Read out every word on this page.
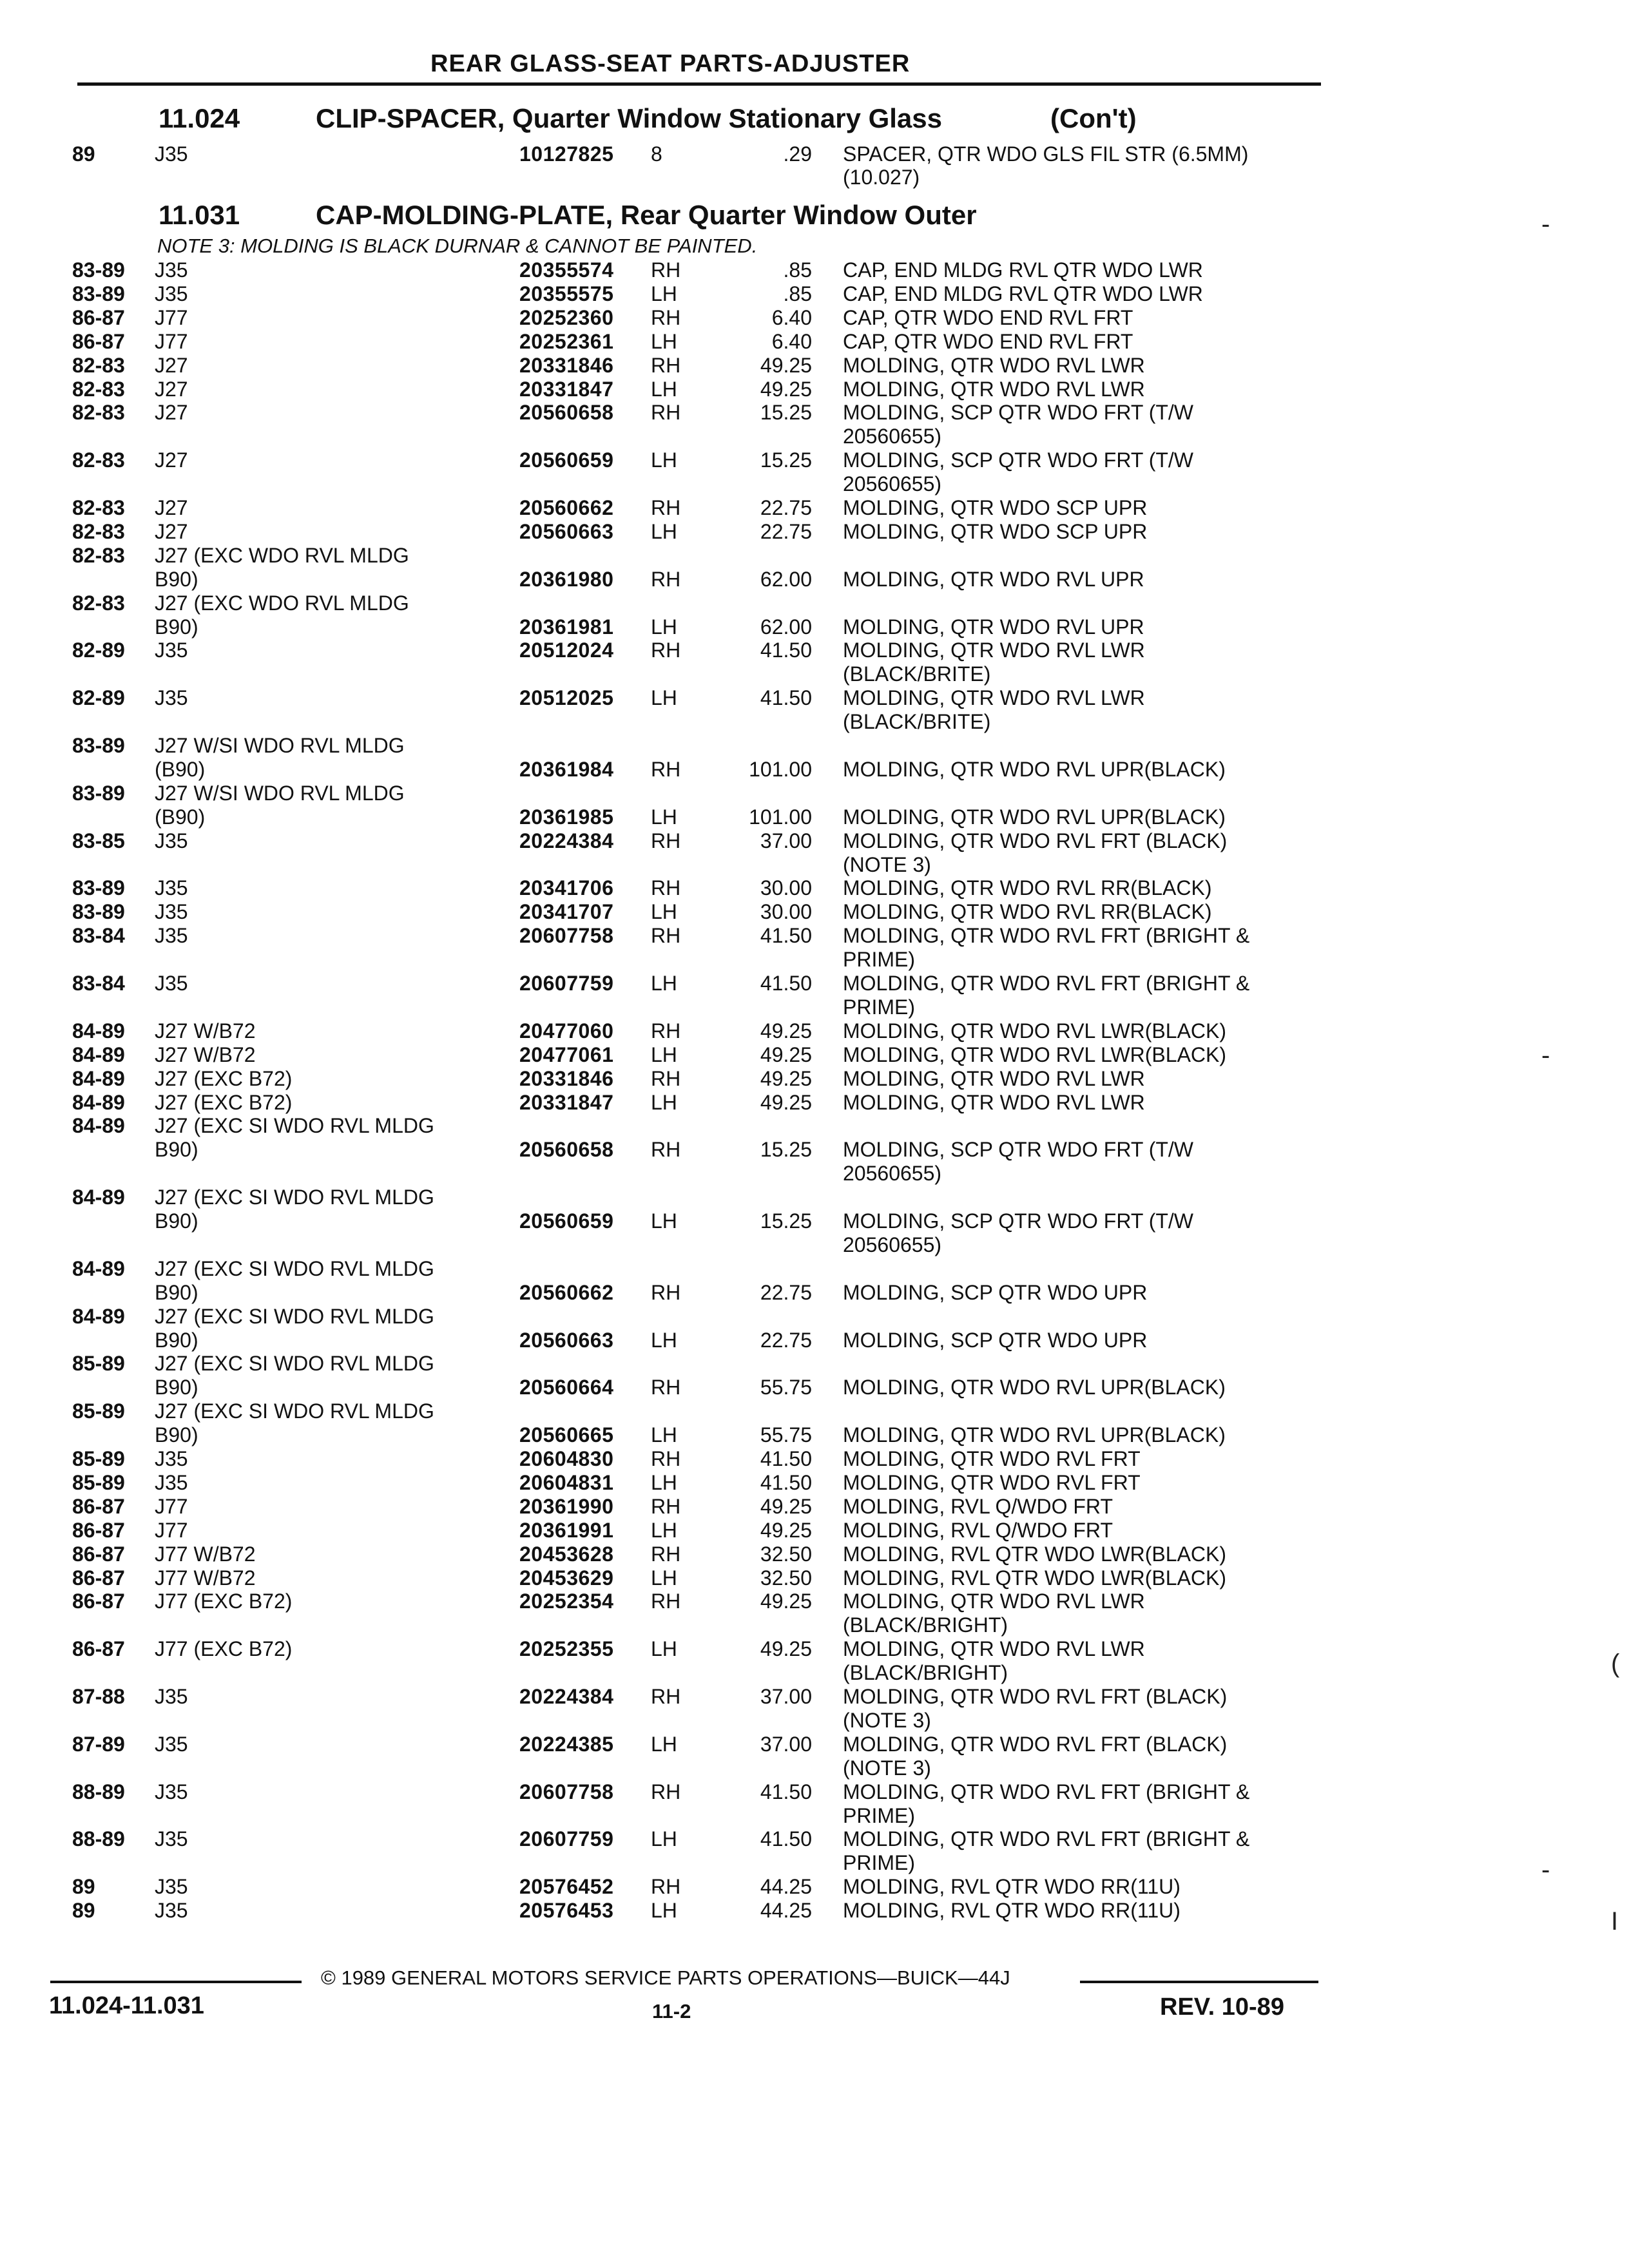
REAR GLASS-SEAT PARTS-ADJUSTER
11.024	CLIP-SPACER, Quarter Window Stationary Glass	(Con't)
89	J35	10127825 8	.29 SPACER, QTR WDO GLS FIL STR (6.5MM)
(10.027)
11.031	CAP-MOLDING-PLATE, Rear Quarter Window Outer
NOTE 3: MOLDING IS BLACK DURNAR & CANNOT BE PAINTED.
83-89	J35	20355574 RH	.85 CAP, END MLDG RVL QTR WDO LWR
83-89	J35	20355575 LH	.85 CAP, END MLDG RVL QTR WDO LWR
86-87	J77	20252360 RH	6.40 CAP, QTR WDO END RVL FRT
86-87	J77	20252361 LH	6.40 CAP, QTR WDO END RVL FRT
82-83	J27	20331846 RH	49.25 MOLDING, QTR WDO RVL LWR
82-83	J27	20331847 LH	49.25 MOLDING, QTR WDO RVL LWR
82-83	J27	20560658 RH	15.25 MOLDING, SCP QTR WDO FRT (T/W
20560655)
82-83	J27	20560659 LH	15.25 MOLDING, SCP QTR WDO FRT (T/W
20560655)
82-83	J27	20560662 RH	22.75 MOLDING, QTR WDO SCP UPR
82-83	J27	20560663 LH	22.75 MOLDING, QTR WDO SCP UPR
82-83	J27 (EXC WDO RVL MLDG
B90)	20361980 RH	62.00 MOLDING, QTR WDO RVL UPR
82-83	J27 (EXC WDO RVL MLDG
B90)	20361981 LH	62.00 MOLDING, QTR WDO RVL UPR
82-89	J35	20512024 RH	41.50 MOLDING, QTR WDO RVL LWR
(BLACK/BRITE)
82-89	J35	20512025 LH	41.50 MOLDING, QTR WDO RVL LWR
(BLACK/BRITE)
83-89	J27 W/SI WDO RVL MLDG
(B90)	20361984 RH	101.00 MOLDING, QTR WDO RVL UPR(BLACK)
83-89	J27 W/SI WDO RVL MLDG
(B90)	20361985 LH	101.00 MOLDING, QTR WDO RVL UPR(BLACK)
83-85	J35	20224384 RH	37.00 MOLDING, QTR WDO RVL FRT (BLACK)
(NOTE 3)
83-89	J35	20341706 RH	30.00 MOLDING, QTR WDO RVL RR(BLACK)
83-89	J35	20341707 LH	30.00 MOLDING, QTR WDO RVL RR(BLACK)
83-84	J35	20607758 RH	41.50 MOLDING, QTR WDO RVL FRT (BRIGHT &
PRIME)
83-84	J35	20607759 LH	41.50 MOLDING, QTR WDO RVL FRT (BRIGHT &
PRIME)
84-89	J27 W/B72	20477060 RH	49.25 MOLDING, QTR WDO RVL LWR(BLACK)
84-89	J27 W/B72	20477061 LH	49.25 MOLDING, QTR WDO RVL LWR(BLACK)
84-89	J27 (EXC B72)	20331846 RH	49.25 MOLDING, QTR WDO RVL LWR
84-89	J27 (EXC B72)	20331847 LH	49.25 MOLDING, QTR WDO RVL LWR
84-89	J27 (EXC SI WDO RVL MLDG
B90)	20560658 RH	15.25 MOLDING, SCP QTR WDO FRT (T/W
20560655)
84-89	J27 (EXC SI WDO RVL MLDG
B90)	20560659 LH	15.25 MOLDING, SCP QTR WDO FRT (T/W
20560655)
84-89	J27 (EXC SI WDO RVL MLDG
B90)	20560662 RH	22.75 MOLDING, SCP QTR WDO UPR
84-89	J27 (EXC SI WDO RVL MLDG
B90)	20560663 LH	22.75 MOLDING, SCP QTR WDO UPR
85-89	J27 (EXC SI WDO RVL MLDG
B90)	20560664 RH	55.75 MOLDING, QTR WDO RVL UPR(BLACK)
85-89	J27 (EXC SI WDO RVL MLDG
B90)	20560665 LH	55.75 MOLDING, QTR WDO RVL UPR(BLACK)
85-89	J35	20604830 RH	41.50 MOLDING, QTR WDO RVL FRT
85-89	J35	20604831 LH	41.50 MOLDING, QTR WDO RVL FRT
86-87	J77	20361990 RH	49.25 MOLDING, RVL Q/WDO FRT
86-87	J77	20361991 LH	49.25 MOLDING, RVL Q/WDO FRT
86-87	J77 W/B72	20453628 RH	32.50 MOLDING, RVL QTR WDO LWR(BLACK)
86-87	J77 W/B72	20453629 LH	32.50 MOLDING, RVL QTR WDO LWR(BLACK)
86-87	J77 (EXC B72)	20252354 RH	49.25 MOLDING, QTR WDO RVL LWR
(BLACK/BRIGHT)
86-87	J77 (EXC B72)	20252355 LH	49.25 MOLDING, QTR WDO RVL LWR
(BLACK/BRIGHT)
87-88	J35	20224384 RH	37.00 MOLDING, QTR WDO RVL FRT (BLACK)
(NOTE 3)
87-89	J35	20224385 LH	37.00 MOLDING, QTR WDO RVL FRT (BLACK)
(NOTE 3)
88-89	J35	20607758 RH	41.50 MOLDING, QTR WDO RVL FRT (BRIGHT &
PRIME)
88-89	J35	20607759 LH	41.50 MOLDING, QTR WDO RVL FRT (BRIGHT &
PRIME)
89	J35	20576452 RH	44.25 MOLDING, RVL QTR WDO RR(11U)
89	J35	20576453 LH	44.25 MOLDING, RVL QTR WDO RR(11U)
© 1989 GENERAL MOTORS SERVICE PARTS OPERATIONS—BUICK—44J
11.024-11.031	11-2	REV. 10-89
-
-
(
-
I
